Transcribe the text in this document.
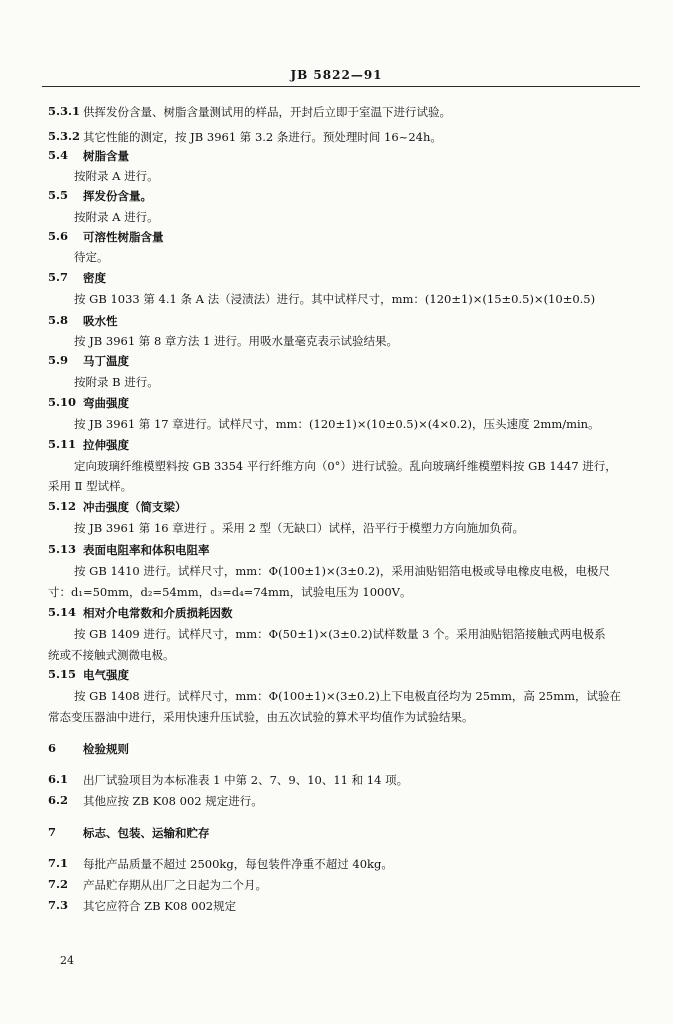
JB 5822—91
5.3.1 供挥发份含量、树脂含量测试用的样品，开封后立即于室温下进行试验。
5.3.2 其它性能的测定，按 JB 3961 第 3.2 条进行。预处理时间 16~24h。
5.4 树脂含量
按附录 A 进行。
5.5 挥发份含量。
按附录 A 进行。
5.6 可溶性树脂含量
待定。
5.7 密度
按 GB 1033 第 4.1 条 A 法（浸渍法）进行。其中试样尺寸，mm：(120±1)×(15±0.5)×(10±0.5)
5.8 吸水性
按 JB 3961 第 8 章方法 1 进行。用吸水量毫克表示试验结果。
5.9 马丁温度
按附录 B 进行。
5.10 弯曲强度
按 JB 3961 第 17 章进行。试样尺寸，mm：(120±1)×(10±0.5)×(4×0.2)，压头速度 2mm/min。
5.11 拉伸强度
定向玻璃纤维模塑料按 GB 3354 平行纤维方向（0°）进行试验。乱向玻璃纤维模塑料按 GB 1447 进行，
采用 Ⅱ 型试样。
5.12 冲击强度（简支梁）
按 JB 3961 第 16 章进行 。采用 2 型（无缺口）试样，沿平行于模塑力方向施加负荷。
5.13 表面电阻率和体积电阻率
按 GB 1410 进行。试样尺寸，mm：Φ(100±1)×(3±0.2)，采用油贴铝箔电极或导电橡皮电极，电极尺
寸：d₁=50mm，d₂=54mm，d₃=d₄=74mm，试验电压为 1000V。
5.14 相对介电常数和介质损耗因数
按 GB 1409 进行。试样尺寸，mm：Φ(50±1)×(3±0.2)试样数量 3 个。采用油贴铝箔接触式两电极系
统或不接触式测微电极。
5.15 电气强度
按 GB 1408 进行。试样尺寸，mm：Φ(100±1)×(3±0.2)上下电极直径均为 25mm，高 25mm，试验在
常态变压器油中进行，采用快速升压试验，由五次试验的算术平均值作为试验结果。
6 检验规则
6.1 出厂试验项目为本标准表 1 中第 2、7、9、10、11 和 14 项。
6.2 其他应按 ZB K08 002 规定进行。
7 标志、包装、运输和贮存
7.1 每批产品质量不超过 2500kg，每包装件净重不超过 40kg。
7.2 产品贮存期从出厂之日起为二个月。
7.3 其它应符合 ZB K08 002规定
24
